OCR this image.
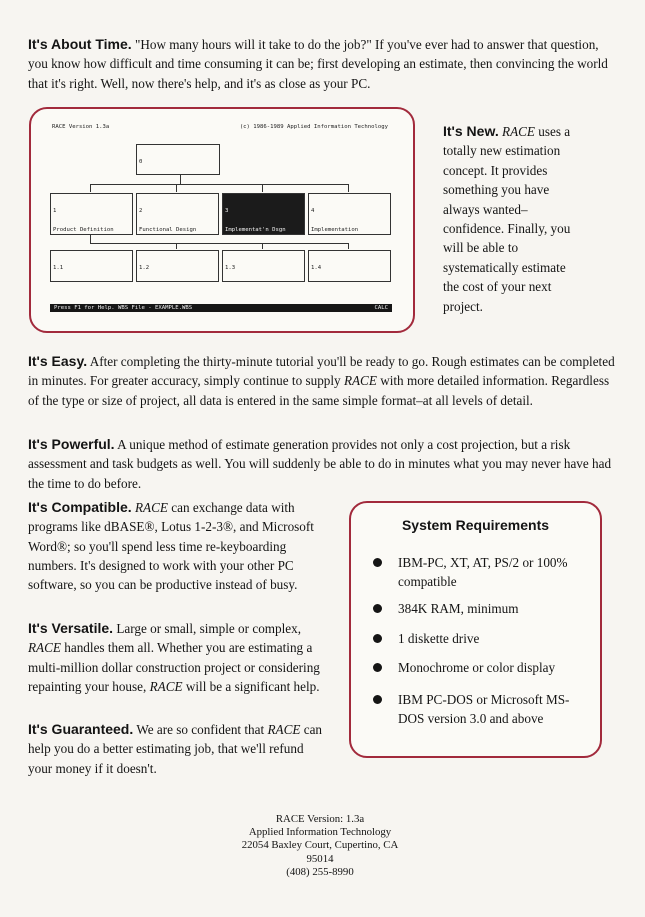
It's About Time. "How many hours will it take to do the job?" If you've ever had to answer that question, you know how difficult and time consuming it can be; first developing an estimate, then convincing the world that it's right. Well, now there's help, and it's as close as your PC.

RACE Version 1.3a	(c) 1986-1989 Applied Information Technology

0

1

Product Definition

2

Functional Design

3

Implementat'n Dsgn

4

Implementation

1.1

	1.2

	1.3

	1.4

Press F1 for Help. WBS File - EXAMPLE.WBS	CALC

It's New. RACE uses a totally new estimation concept. It provides something you have always wanted– confidence. Finally, you will be able to systematically estimate the cost of your next project.

It's Easy. After completing the thirty-minute tutorial you'll be ready to go. Rough estimates can be completed in minutes. For greater accuracy, simply continue to supply RACE with more detailed information. Regardless of the type or size of project, all data is entered in the same simple format–at all levels of detail.

It's Powerful. A unique method of estimate generation provides not only a cost projection, but a risk assessment and task budgets as well. You will suddenly be able to do in minutes what you may never have had the time to do before.

It's Compatible. RACE can exchange data with programs like dBASE®, Lotus 1-2-3®, and Microsoft Word®; so you'll spend less time re-keyboarding numbers. It's designed to work with your other PC software, so you can be productive instead of busy.

It's Versatile. Large or small, simple or complex, RACE handles them all. Whether you are estimating a multi-million dollar construction project or considering repainting your house, RACE will be a significant help.

It's Guaranteed. We are so confident that RACE can help you do a better estimating job, that we'll refund your money if it doesn't.

System Requirements
IBM-PC, XT, AT, PS/2 or 100% compatible
384K RAM, minimum
1 diskette drive
Monochrome or color display
IBM PC-DOS or Microsoft MS-DOS version 3.0 and above
RACE Version: 1.3a
Applied Information Technology
22054 Baxley Court, Cupertino, CA
95014
(408) 255-8990
